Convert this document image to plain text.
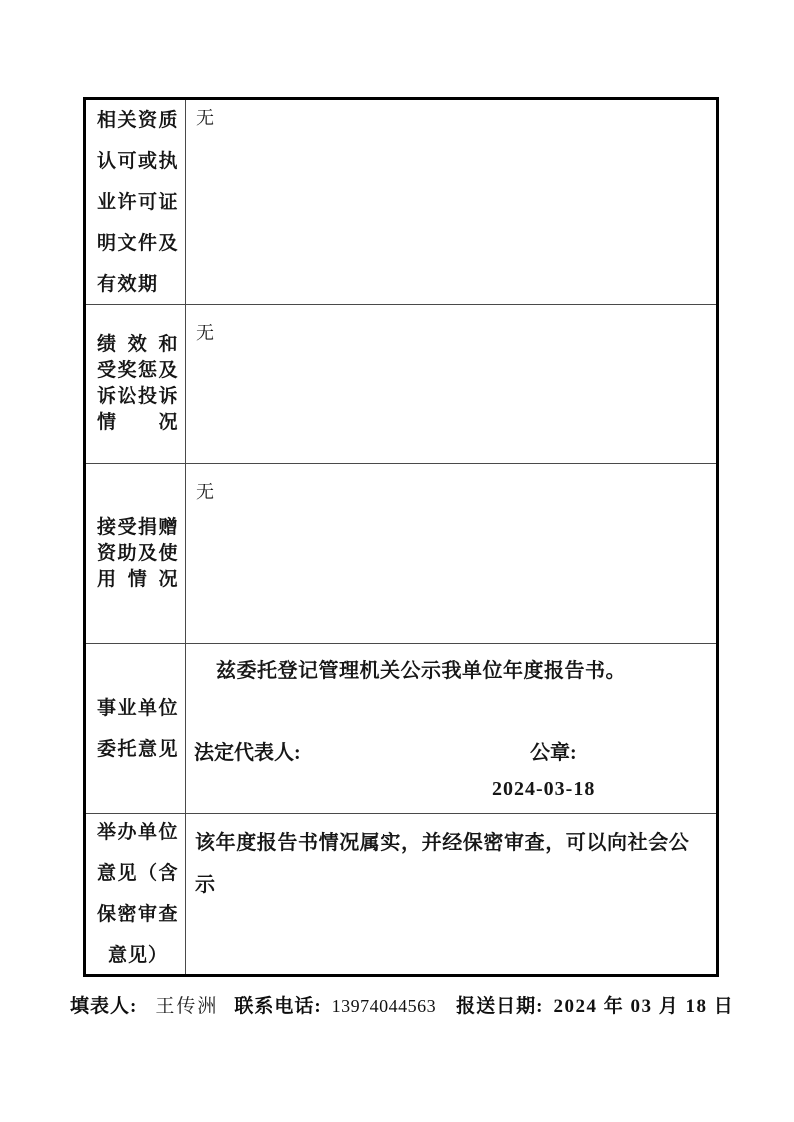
相关资质
认可或执
业许可证
明文件及
有效期
无
绩 效 和
受奖惩及
诉讼投诉
情 况
无
接受捐赠
资助及使
用 情 况
无
事业单位
委托意见
兹委托登记管理机关公示我单位年度报告书。
法定代表人:	公章:
2024-03-18
举办单位
意见（含
保密审查
意见）
该年度报告书情况属实，并经保密审查，可以向社会公示
填表人: 王传洲 联系电话: 13974044563 报送日期: 2024 年 03 月 18 日
